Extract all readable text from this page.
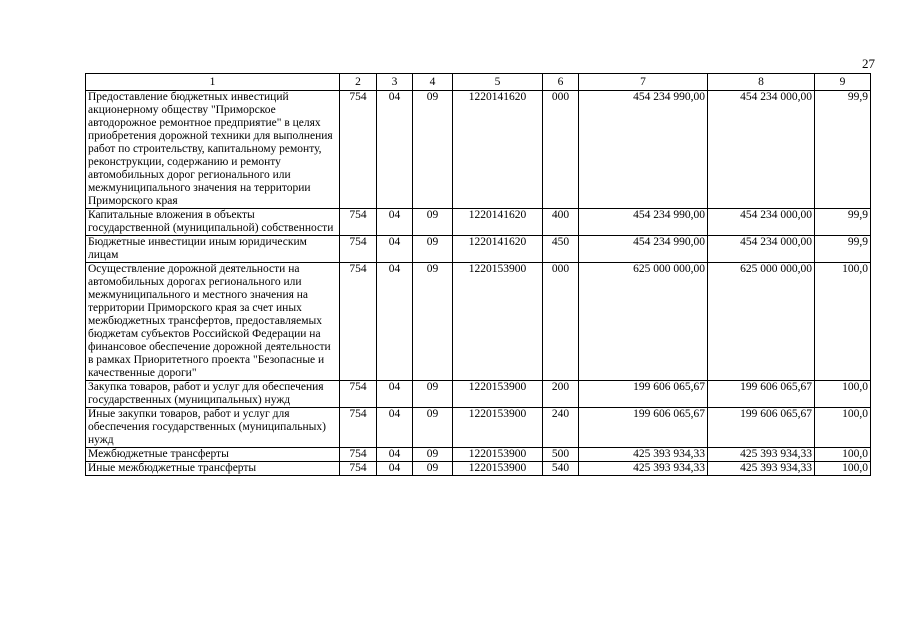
27
1	2	3	4	5	6	7	8	9
Предоставление бюджетных инвестиций акционерному обществу "Приморское автодорожное ремонтное предприятие" в целях приобретения дорожной техники для выполнения работ по строительству, капитальному ремонту, реконструкции, содержанию и ремонту автомобильных дорог регионального или межмуниципального значения на территории Приморского края	754	04	09	1220141620	000	454 234 990,00	454 234 000,00	99,9
Капитальные вложения в объекты государственной (муниципальной) собственности	754	04	09	1220141620	400	454 234 990,00	454 234 000,00	99,9
Бюджетные инвестиции иным юридическим лицам	754	04	09	1220141620	450	454 234 990,00	454 234 000,00	99,9
Осуществление дорожной деятельности на автомобильных дорогах регионального или межмуниципального и местного значения на территории Приморского края за счет иных межбюджетных трансфертов, предоставляемых бюджетам субъектов Российской Федерации на финансовое обеспечение дорожной деятельности в рамках Приоритетного проекта "Безопасные и качественные дороги"	754	04	09	1220153900	000	625 000 000,00	625 000 000,00	100,0
Закупка товаров, работ и услуг для обеспечения государственных (муниципальных) нужд	754	04	09	1220153900	200	199 606 065,67	199 606 065,67	100,0
Иные закупки товаров, работ и услуг для обеспечения государственных (муниципальных) нужд	754	04	09	1220153900	240	199 606 065,67	199 606 065,67	100,0
Межбюджетные трансферты	754	04	09	1220153900	500	425 393 934,33	425 393 934,33	100,0
Иные межбюджетные трансферты	754	04	09	1220153900	540	425 393 934,33	425 393 934,33	100,0
